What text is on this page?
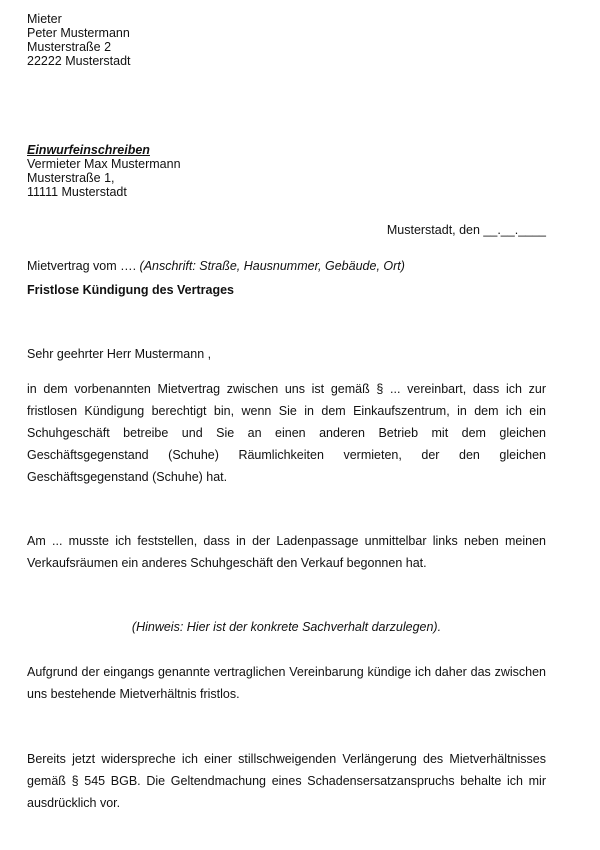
Mieter
Peter Mustermann
Musterstraße 2
22222 Musterstadt
Einwurfeinschreiben
Vermieter Max Mustermann
Musterstraße 1,
11111 Musterstadt
Musterstadt, den __.__.____
Mietvertrag vom …. (Anschrift: Straße, Hausnummer, Gebäude, Ort)
Fristlose Kündigung des Vertrages
Sehr geehrter Herr Mustermann ,
in dem vorbenannten Mietvertrag zwischen uns ist gemäß § ... vereinbart, dass ich zur fristlosen Kündigung berechtigt bin, wenn Sie in dem Einkaufszentrum, in dem ich ein Schuhgeschäft betreibe und Sie an einen anderen Betrieb mit dem gleichen Geschäftsgegenstand (Schuhe) Räumlichkeiten vermieten, der den gleichen Geschäftsgegenstand (Schuhe) hat.
Am ... musste ich feststellen, dass in der Ladenpassage unmittelbar links neben meinen Verkaufsräumen ein anderes Schuhgeschäft den Verkauf begonnen hat.
(Hinweis: Hier ist der konkrete Sachverhalt darzulegen).
Aufgrund der eingangs genannte vertraglichen Vereinbarung kündige ich daher das zwischen uns bestehende Mietverhältnis fristlos.
Bereits jetzt widerspreche ich einer stillschweigenden Verlängerung des Mietverhältnisses gemäß § 545 BGB. Die Geltendmachung eines Schadensersatzanspruchs behalte ich mir ausdrücklich vor.
